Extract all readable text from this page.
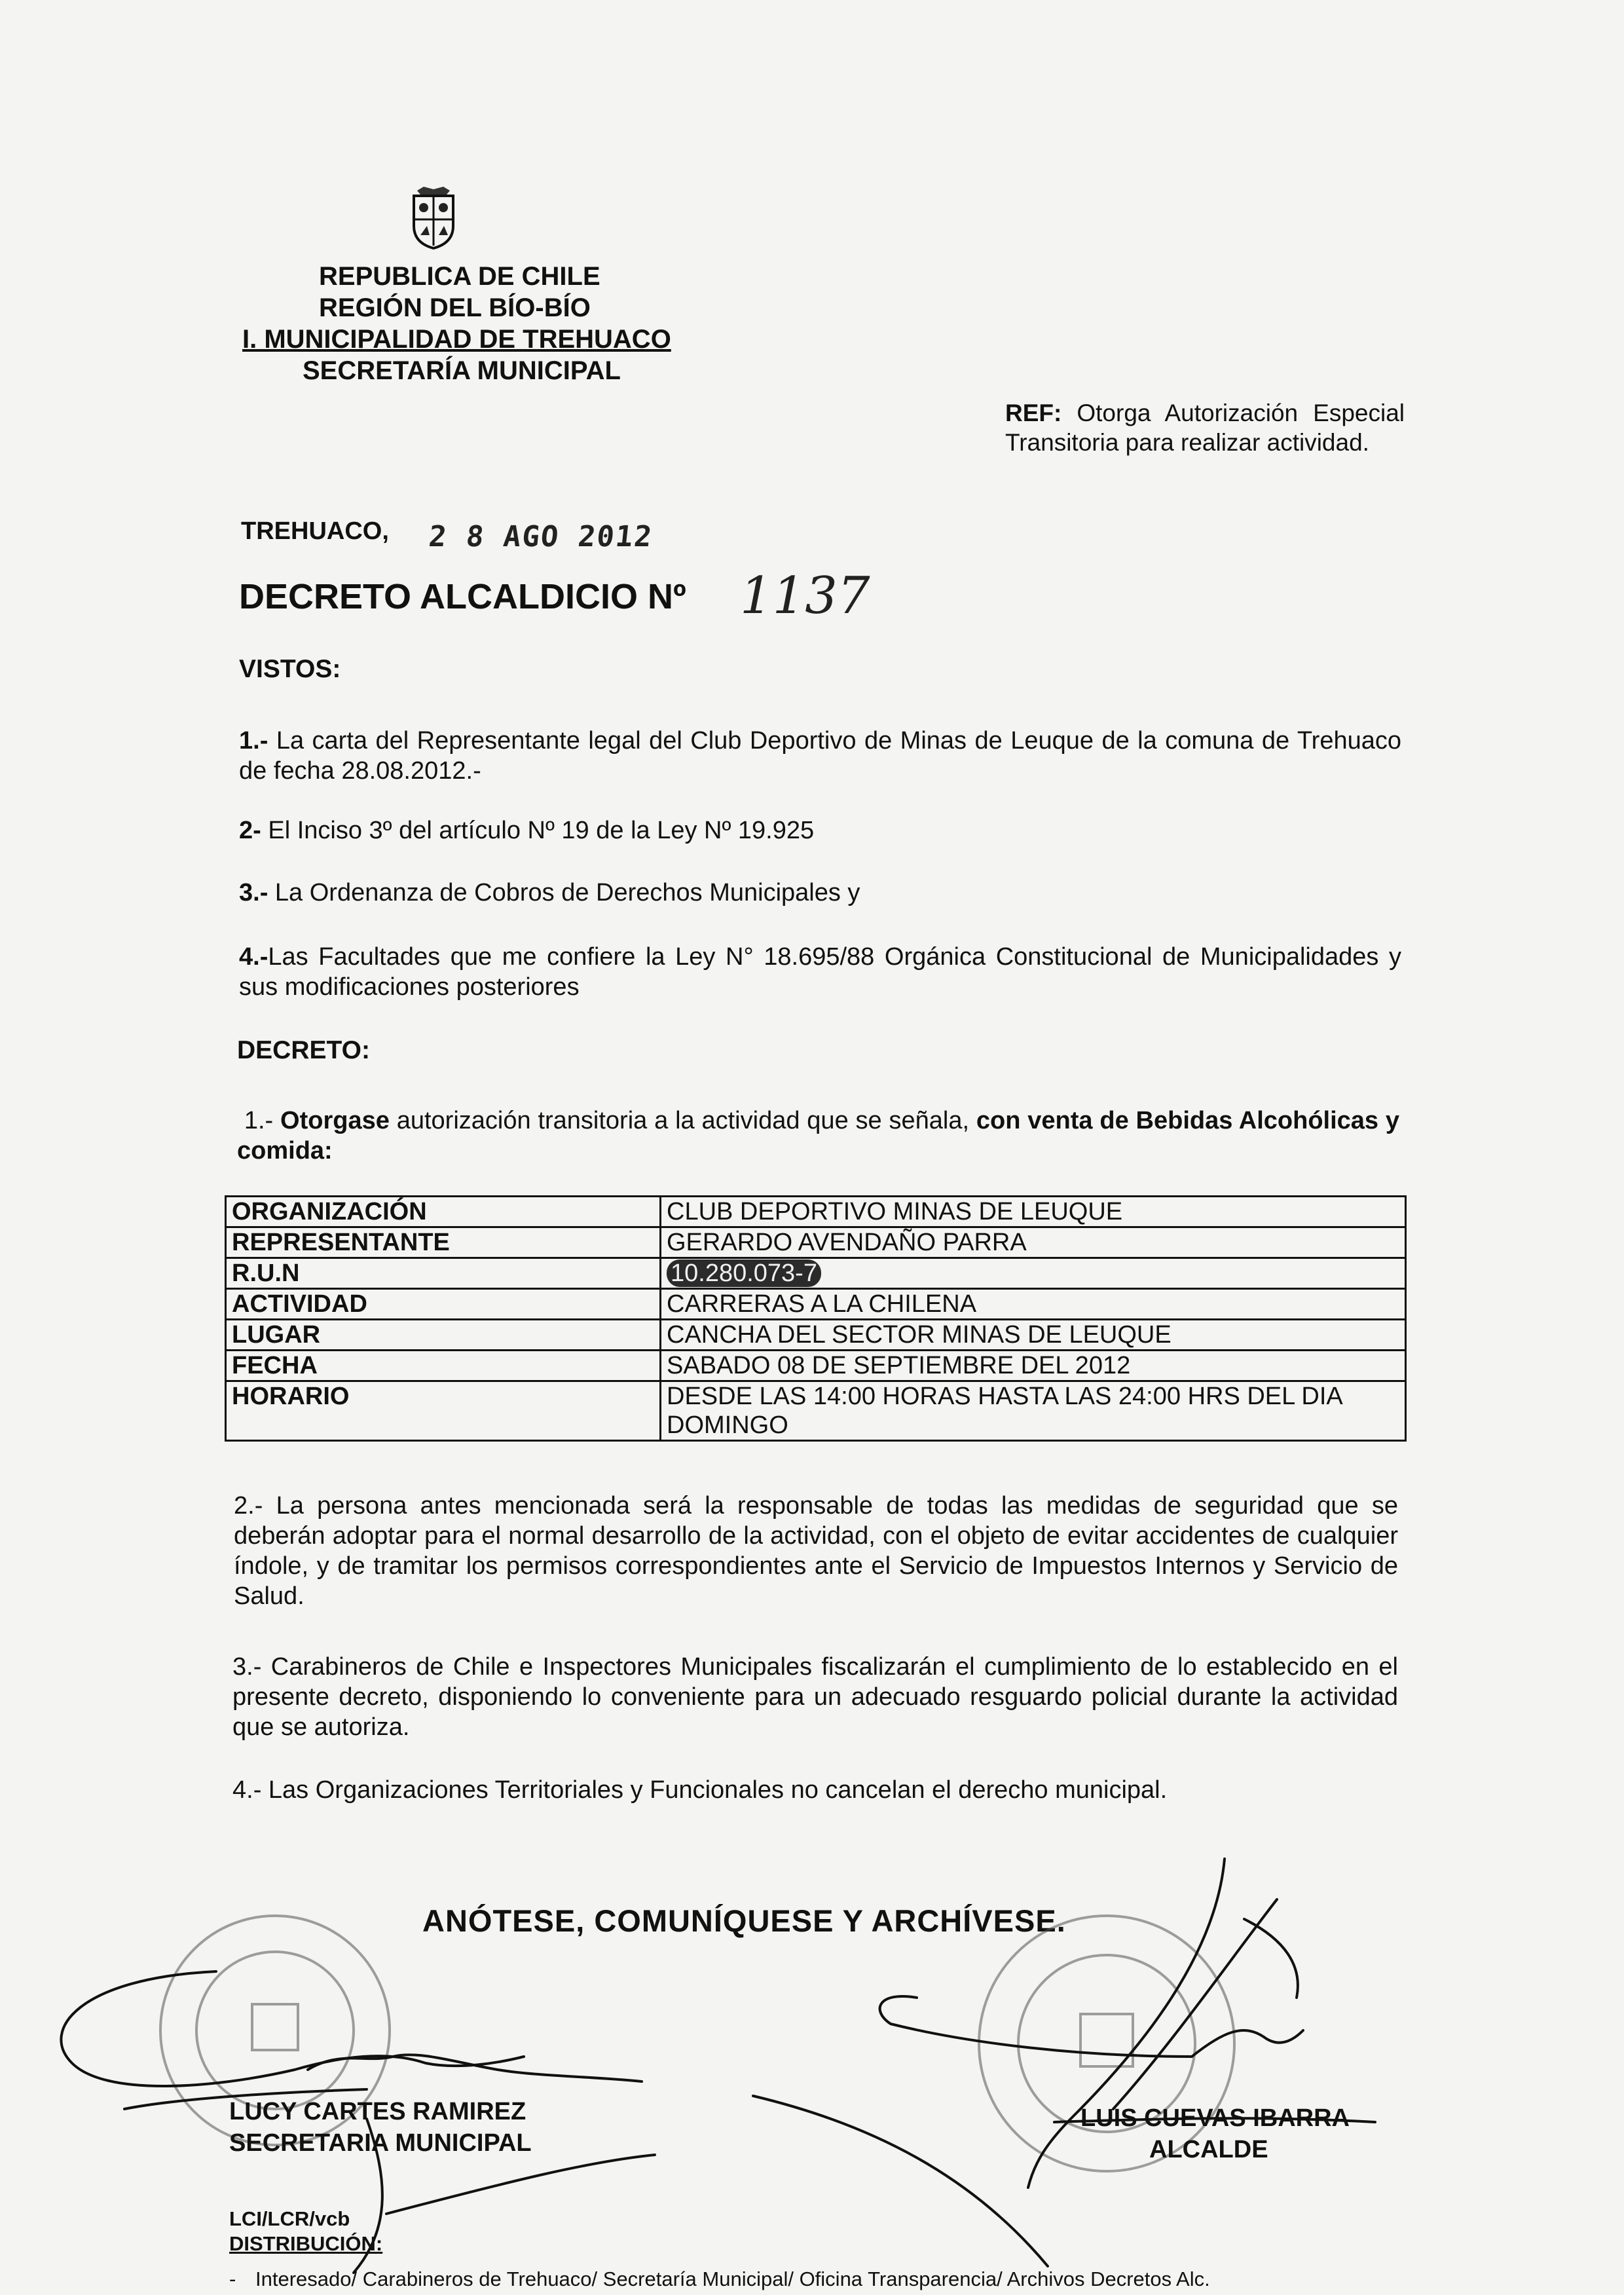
REPUBLICA DE CHILE
REGIÓN DEL BÍO-BÍO
I. MUNICIPALIDAD DE TREHUACO
SECRETARÍA MUNICIPAL
REF: Otorga Autorización Especial Transitoria para realizar actividad.
TREHUACO, 2 8 AGO 2012
DECRETO ALCALDICIO Nº 1137
VISTOS:
1.- La carta del Representante legal del Club Deportivo de Minas de Leuque de la comuna de Trehuaco de fecha 28.08.2012.-
2- El Inciso 3º del artículo Nº 19 de la Ley Nº 19.925
3.- La Ordenanza de Cobros de Derechos Municipales y
4.-Las Facultades que me confiere la Ley N° 18.695/88 Orgánica Constitucional de Municipalidades y sus modificaciones posteriores
DECRETO:
1.- Otorgase autorización transitoria a la actividad que se señala, con venta de Bebidas Alcohólicas y comida:
ORGANIZACIÓN	CLUB DEPORTIVO MINAS DE LEUQUE
REPRESENTANTE	GERARDO AVENDAÑO PARRA
R.U.N	10.280.073-7
ACTIVIDAD	CARRERAS A LA CHILENA
LUGAR	CANCHA DEL SECTOR MINAS DE LEUQUE
FECHA	SABADO 08 DE SEPTIEMBRE DEL 2012
HORARIO	DESDE LAS 14:00 HORAS HASTA LAS 24:00 HRS DEL DIA DOMINGO
2.- La persona antes mencionada será la responsable de todas las medidas de seguridad que se deberán adoptar para el normal desarrollo de la actividad, con el objeto de evitar accidentes de cualquier índole, y de tramitar los permisos correspondientes ante el Servicio de Impuestos Internos y Servicio de Salud.
3.- Carabineros de Chile e Inspectores Municipales fiscalizarán el cumplimiento de lo establecido en el presente decreto, disponiendo lo conveniente para un adecuado resguardo policial durante la actividad que se autoriza.
4.- Las Organizaciones Territoriales y Funcionales no cancelan el derecho municipal.
ANÓTESE, COMUNÍQUESE Y ARCHÍVESE.
LUCY CARTES RAMIREZ
SECRETARIA MUNICIPAL
LUIS CUEVAS IBARRA
ALCALDE
LCI/LCR/vcb
DISTRIBUCIÓN:
- Interesado/ Carabineros de Trehuaco/ Secretaría Municipal/ Oficina Transparencia/ Archivos Decretos Alc.
